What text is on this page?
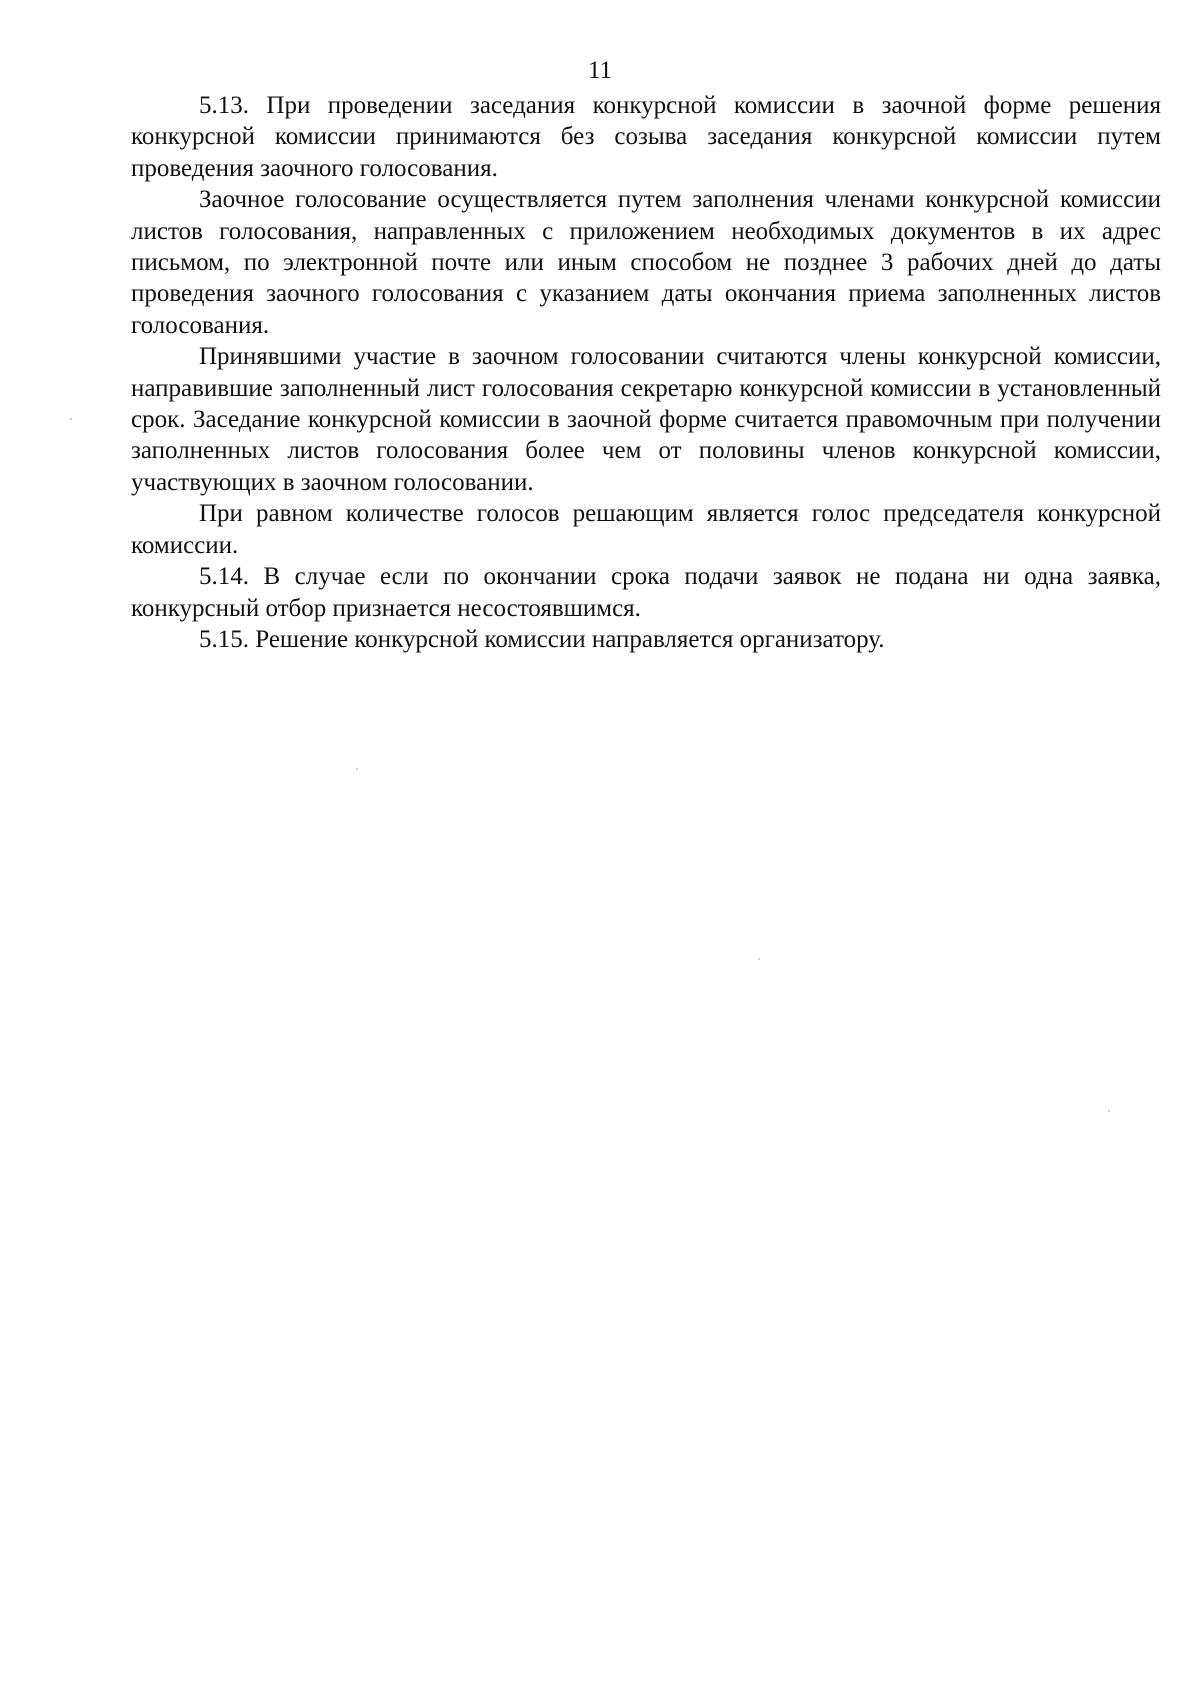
11

5.13. При проведении заседания конкурсной комиссии в заочной форме решения конкурсной комиссии принимаются без созыва заседания конкурсной комиссии путем проведения заочного голосования.

Заочное голосование осуществляется путем заполнения членами конкурсной комиссии листов голосования, направленных с приложением необходимых документов в их адрес письмом, по электронной почте или иным способом не позднее 3 рабочих дней до даты проведения заочного голосования с указанием даты окончания приема заполненных листов голосования.

Принявшими участие в заочном голосовании считаются члены конкурсной комиссии, направившие заполненный лист голосования секретарю конкурсной комиссии в установленный срок. Заседание конкурсной комиссии в заочной форме считается правомочным при получении заполненных листов голосования более чем от половины членов конкурсной комиссии, участвующих в заочном голосовании.

При равном количестве голосов решающим является голос председателя конкурсной комиссии.

5.14. В случае если по окончании срока подачи заявок не подана ни одна заявка, конкурсный отбор признается несостоявшимся.

5.15. Решение конкурсной комиссии направляется организатору.
